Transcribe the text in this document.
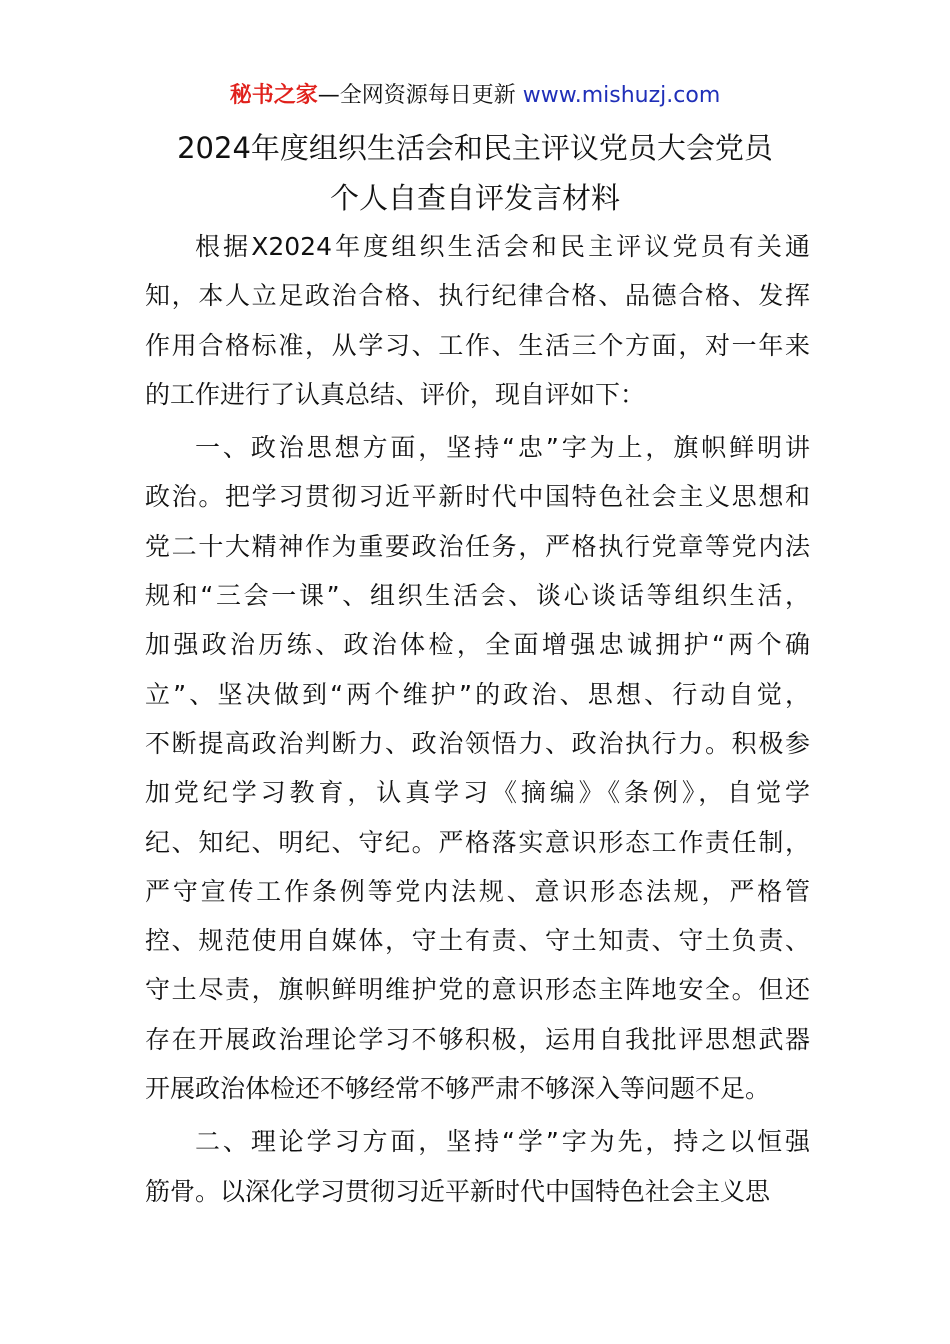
秘书之家—全网资源每日更新 www.mishuzj.com
2024年度组织生活会和民主评议党员大会党员
个人自查自评发言材料
根据X2024年度组织生活会和民主评议党员有关通
知，本人立足政治合格、执行纪律合格、品德合格、发挥
作用合格标准，从学习、工作、生活三个方面，对一年来
的工作进行了认真总结、评价，现自评如下：
一、政治思想方面，坚持“忠”字为上，旗帜鲜明讲
政治。把学习贯彻习近平新时代中国特色社会主义思想和
党二十大精神作为重要政治任务，严格执行党章等党内法
规和“三会一课”、组织生活会、谈心谈话等组织生活，
加强政治历练、政治体检，全面增强忠诚拥护“两个确
立”、坚决做到“两个维护”的政治、思想、行动自觉，
不断提高政治判断力、政治领悟力、政治执行力。积极参
加党纪学习教育，认真学习《摘编》《条例》，自觉学
纪、知纪、明纪、守纪。严格落实意识形态工作责任制，
严守宣传工作条例等党内法规、意识形态法规，严格管
控、规范使用自媒体，守土有责、守土知责、守土负责、
守土尽责，旗帜鲜明维护党的意识形态主阵地安全。但还
存在开展政治理论学习不够积极，运用自我批评思想武器
开展政治体检还不够经常不够严肃不够深入等问题不足。
二、理论学习方面，坚持“学”字为先，持之以恒强
筋骨。以深化学习贯彻习近平新时代中国特色社会主义思
